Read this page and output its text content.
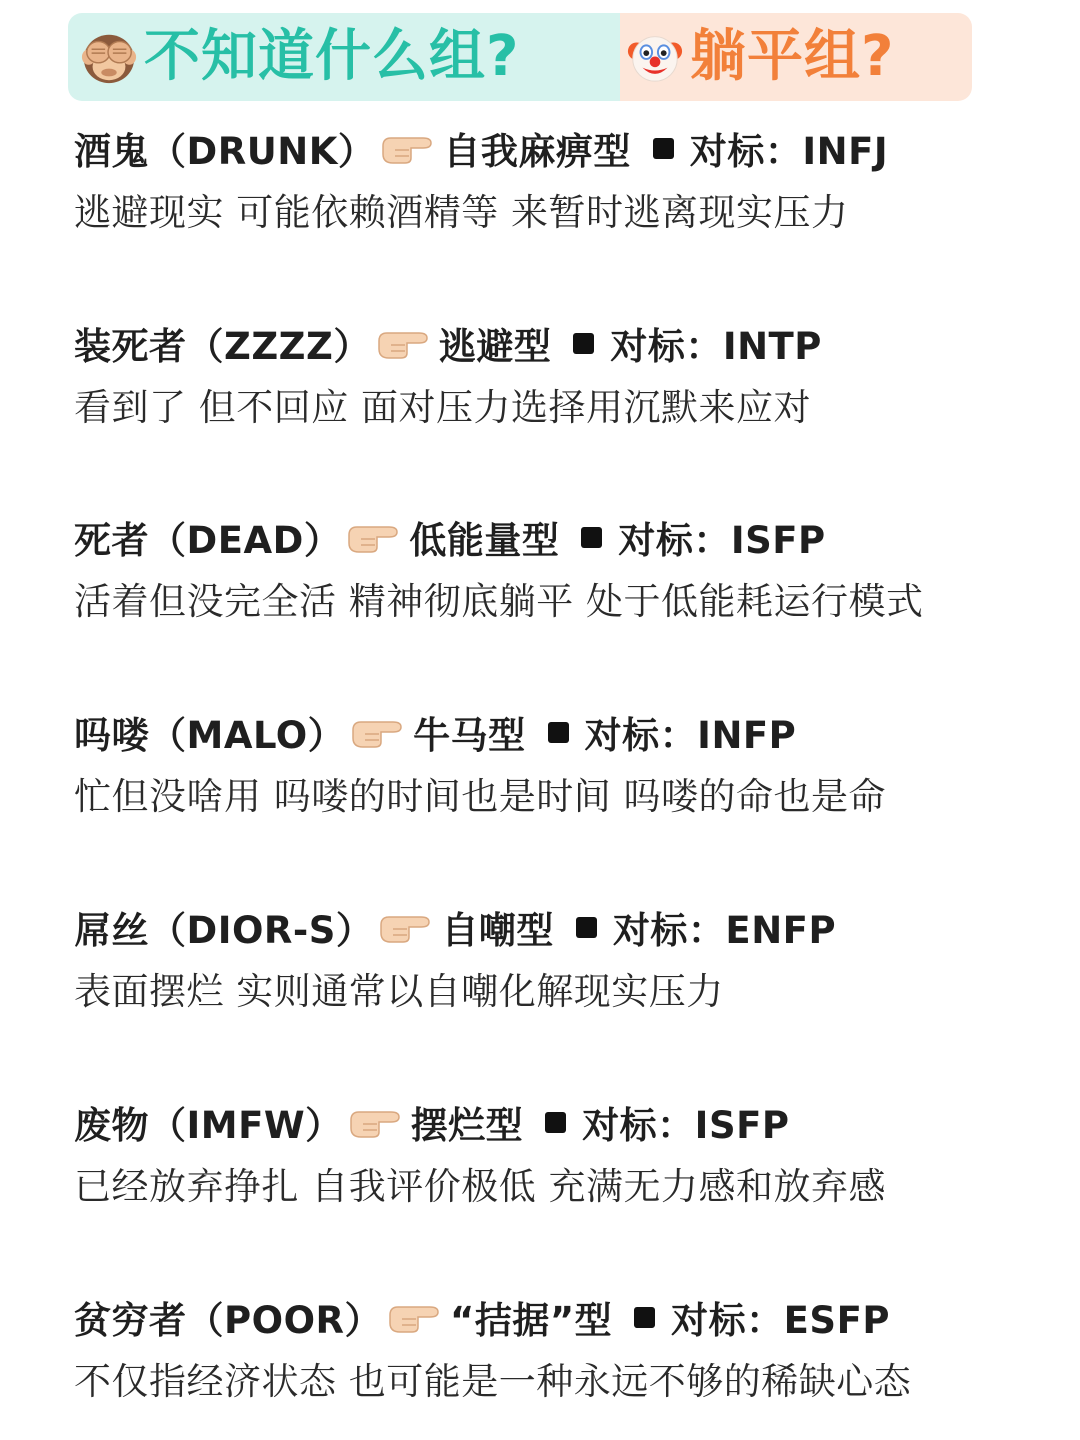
不知道什么组?	躺平组?
酒鬼（DRUNK） 自我麻痹型 对标：INFJ
逃避现实 可能依赖酒精等 来暂时逃离现实压力
装死者（ZZZZ） 逃避型 对标：INTP
看到了 但不回应 面对压力选择用沉默来应对
死者（DEAD） 低能量型 对标：ISFP
活着但没完全活 精神彻底躺平 处于低能耗运行模式
吗喽（MALO） 牛马型 对标：INFP
忙但没啥用 吗喽的时间也是时间 吗喽的命也是命
屌丝（DIOR-S） 自嘲型 对标：ENFP
表面摆烂 实则通常以自嘲化解现实压力
废物（IMFW） 摆烂型 对标：ISFP
已经放弃挣扎 自我评价极低 充满无力感和放弃感
贫穷者（POOR） “拮据”型 对标：ESFP
不仅指经济状态 也可能是一种永远不够的稀缺心态
